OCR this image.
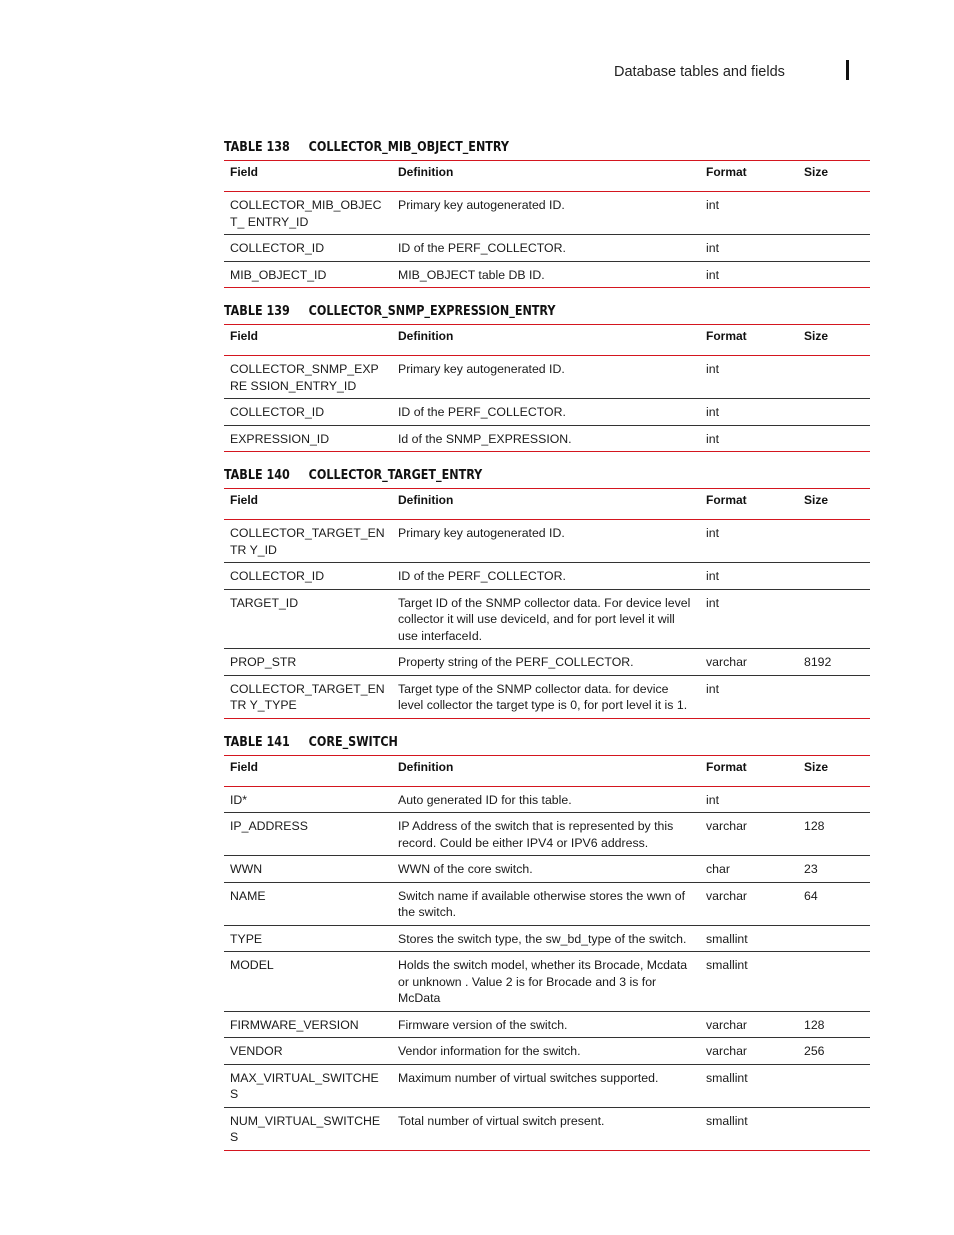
Database tables and fields
TABLE 138	COLLECTOR_MIB_OBJECT_ENTRY
Field	Definition	Format	Size
COLLECTOR_MIB_OBJECT_ ENTRY_ID	Primary key autogenerated ID.	int	
COLLECTOR_ID	ID of the PERF_COLLECTOR.	int	
MIB_OBJECT_ID	MIB_OBJECT table DB ID.	int	
TABLE 139	COLLECTOR_SNMP_EXPRESSION_ENTRY
Field	Definition	Format	Size
COLLECTOR_SNMP_EXPRE SSION_ENTRY_ID	Primary key autogenerated ID.	int	
COLLECTOR_ID	ID of the PERF_COLLECTOR.	int	
EXPRESSION_ID	Id of the SNMP_EXPRESSION.	int	
TABLE 140	COLLECTOR_TARGET_ENTRY
Field	Definition	Format	Size
COLLECTOR_TARGET_ENTR Y_ID	Primary key autogenerated ID.	int	
COLLECTOR_ID	ID of the PERF_COLLECTOR.	int	
TARGET_ID	Target ID of the SNMP collector data. For device level collector it will use deviceId, and for port level it will use interfaceId.	int	
PROP_STR	Property string of the PERF_COLLECTOR.	varchar	8192
COLLECTOR_TARGET_ENTR Y_TYPE	Target type of the SNMP collector data. for device level collector the target type is 0, for port level it is 1.	int	
TABLE 141	CORE_SWITCH
Field	Definition	Format	Size
ID*	Auto generated ID for this table.	int	
IP_ADDRESS	IP Address of the switch that is represented by this record. Could be either IPV4 or IPV6 address.	varchar	128
WWN	WWN of the core switch.	char	23
NAME	Switch name if available otherwise stores the wwn of the switch.	varchar	64
TYPE	Stores the switch type, the sw_bd_type of the switch.	smallint	
MODEL	Holds the switch model, whether its Brocade, Mcdata or unknown . Value 2 is for Brocade and 3 is for McData	smallint	
FIRMWARE_VERSION	Firmware version of the switch.	varchar	128
VENDOR	Vendor information for the switch.	varchar	256
MAX_VIRTUAL_SWITCHES	Maximum number of virtual switches supported.	smallint	
NUM_VIRTUAL_SWITCHES	Total number of virtual switch present.	smallint	
